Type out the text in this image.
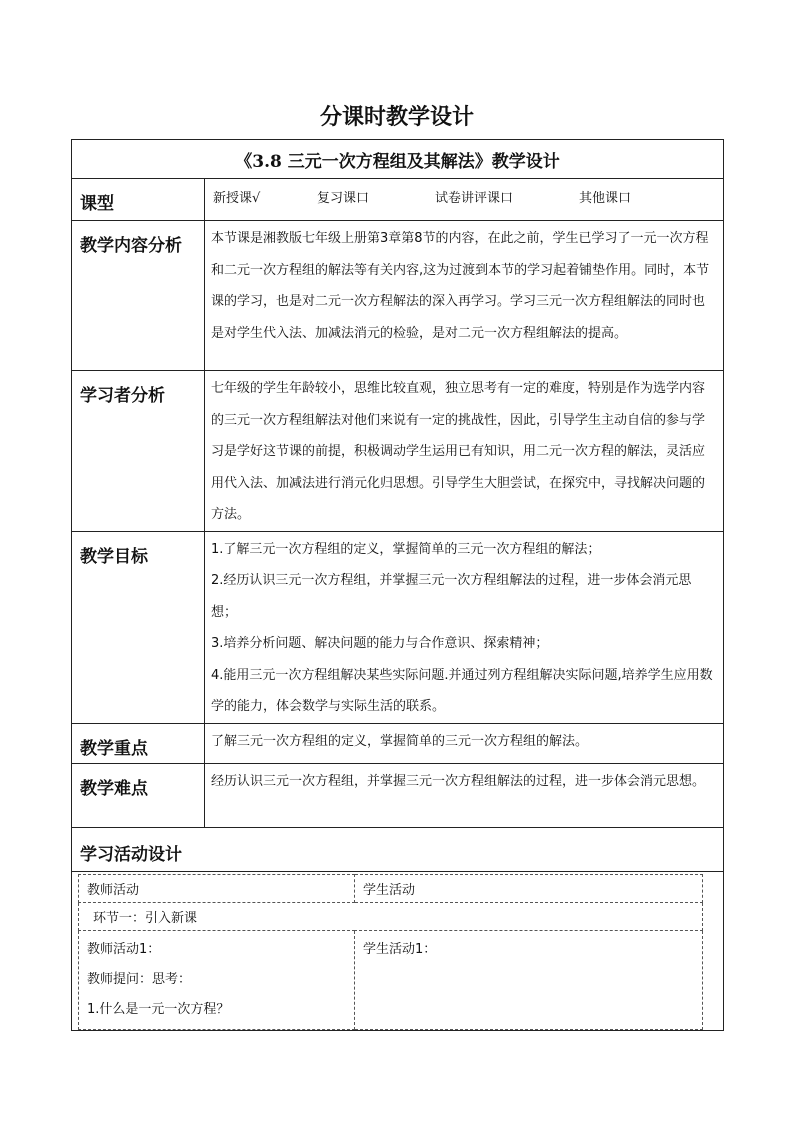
分课时教学设计
《3.8 三元一次方程组及其解法》教学设计
课型	新授课√	复习课口	试卷讲评课口	其他课口
教学内容分析	本节课是湘教版七年级上册第3章第8节的内容，在此之前，学生已学习了一元一次方程和二元一次方程组的解法等有关内容,这为过渡到本节的学习起着铺垫作用。同时，本节课的学习，也是对二元一次方程解法的深入再学习。学习三元一次方程组解法的同时也是对学生代入法、加减法消元的检验，是对二元一次方程组解法的提高。
学习者分析	七年级的学生年龄较小，思维比较直观，独立思考有一定的难度，特别是作为选学内容的三元一次方程组解法对他们来说有一定的挑战性，因此，引导学生主动自信的参与学习是学好这节课的前提，积极调动学生运用已有知识，用二元一次方程的解法，灵活应用代入法、加减法进行消元化归思想。引导学生大胆尝试，在探究中，寻找解决问题的方法。
教学目标	1.了解三元一次方程组的定义，掌握简单的三元一次方程组的解法；

2.经历认识三元一次方程组，并掌握三元一次方程组解法的过程，进一步体会消元思想；

3.培养分析问题、解决问题的能力与合作意识、探索精神；

4.能用三元一次方程组解决某些实际问题.并通过列方程组解决实际问题,培养学生应用数学的能力，体会数学与实际生活的联系。

教学重点	了解三元一次方程组的定义，掌握简单的三元一次方程组的解法。
教学难点	经历认识三元一次方程组，并掌握三元一次方程组解法的过程，进一步体会消元思想。
学习活动设计

教师活动	学生活动
环节一：引入新课

教师活动1：
教师提问：思考：
1.什么是一元一次方程？

学生活动1：
